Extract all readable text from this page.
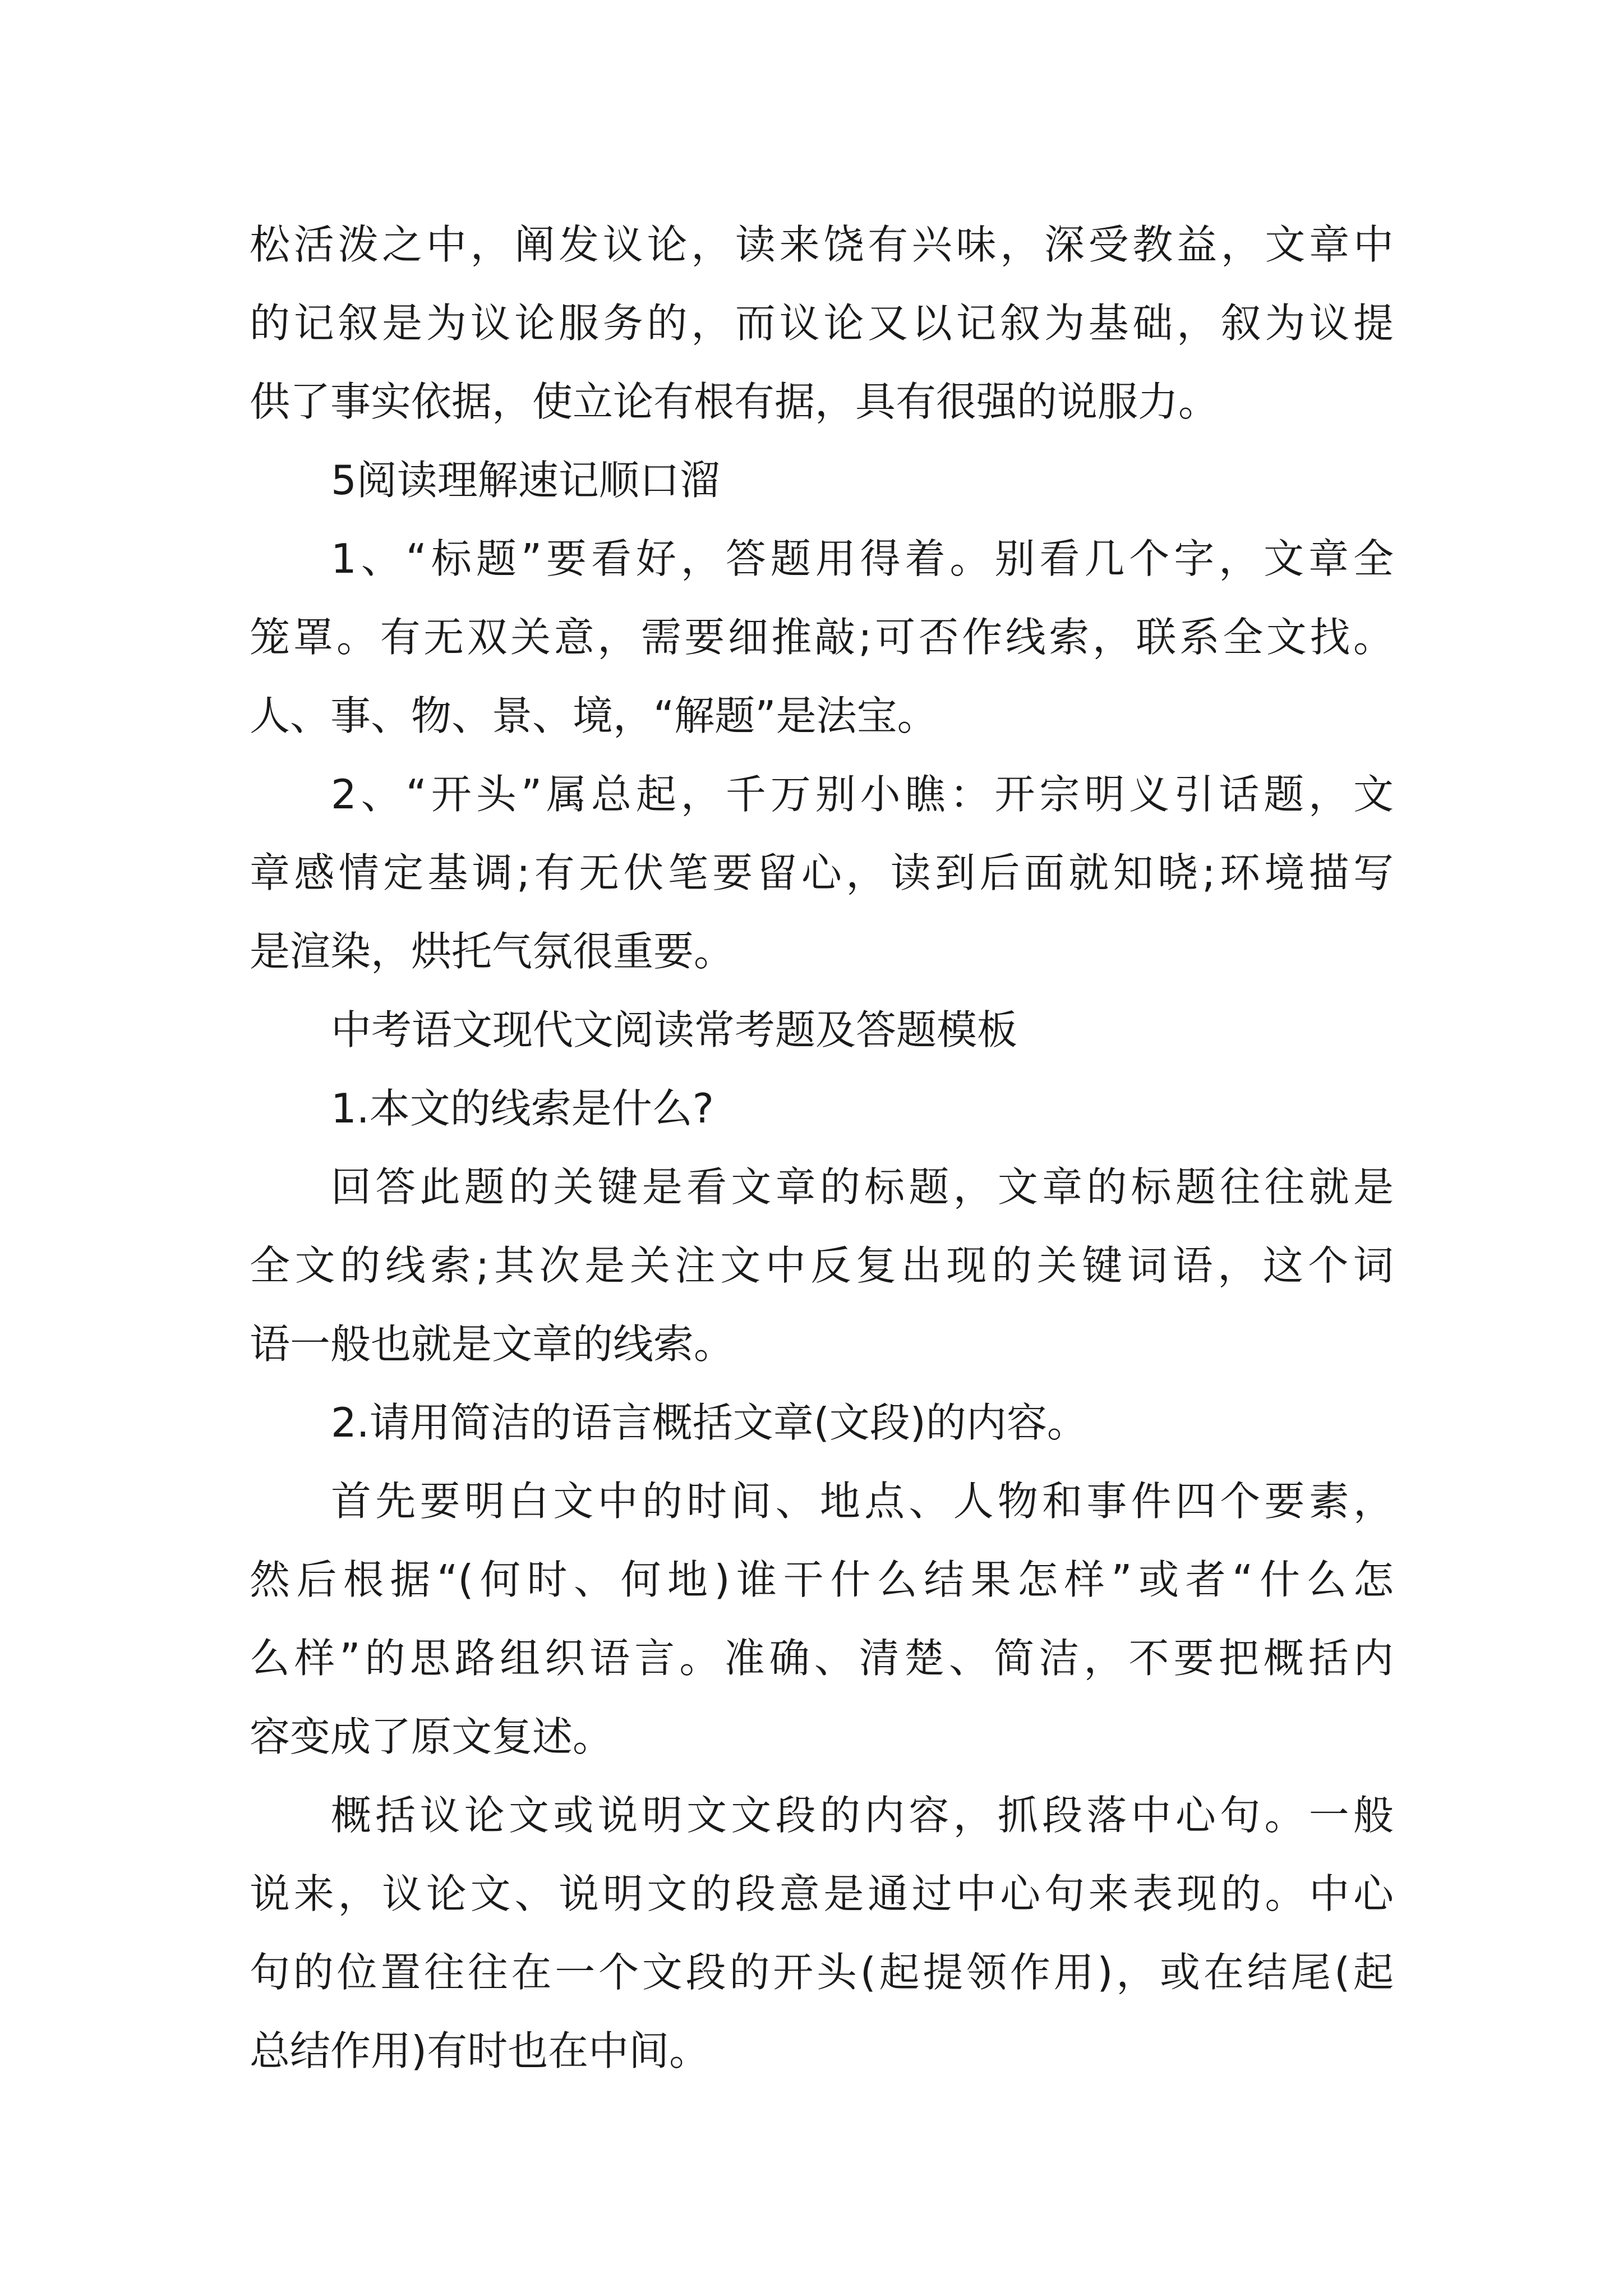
松活泼之中，阐发议论，读来饶有兴味，深受教益，文章中
的记叙是为议论服务的，而议论又以记叙为基础，叙为议提
供了事实依据，使立论有根有据，具有很强的说服力。
5阅读理解速记顺口溜
1、“标题”要看好，答题用得着。别看几个字，文章全
笼罩。有无双关意，需要细推敲;可否作线索，联系全文找。
人、事、物、景、境，“解题”是法宝。
2、“开头”属总起，千万别小瞧：开宗明义引话题，文
章感情定基调;有无伏笔要留心，读到后面就知晓;环境描写
是渲染，烘托气氛很重要。
中考语文现代文阅读常考题及答题模板
1.本文的线索是什么?
回答此题的关键是看文章的标题，文章的标题往往就是
全文的线索;其次是关注文中反复出现的关键词语，这个词
语一般也就是文章的线索。
2.请用简洁的语言概括文章(文段)的内容。
首先要明白文中的时间、地点、人物和事件四个要素，
然后根据“(何时、何地)谁干什么结果怎样”或者“什么怎
么样”的思路组织语言。准确、清楚、简洁，不要把概括内
容变成了原文复述。
概括议论文或说明文文段的内容，抓段落中心句。一般
说来，议论文、说明文的段意是通过中心句来表现的。中心
句的位置往往在一个文段的开头(起提领作用)，或在结尾(起
总结作用)有时也在中间。
